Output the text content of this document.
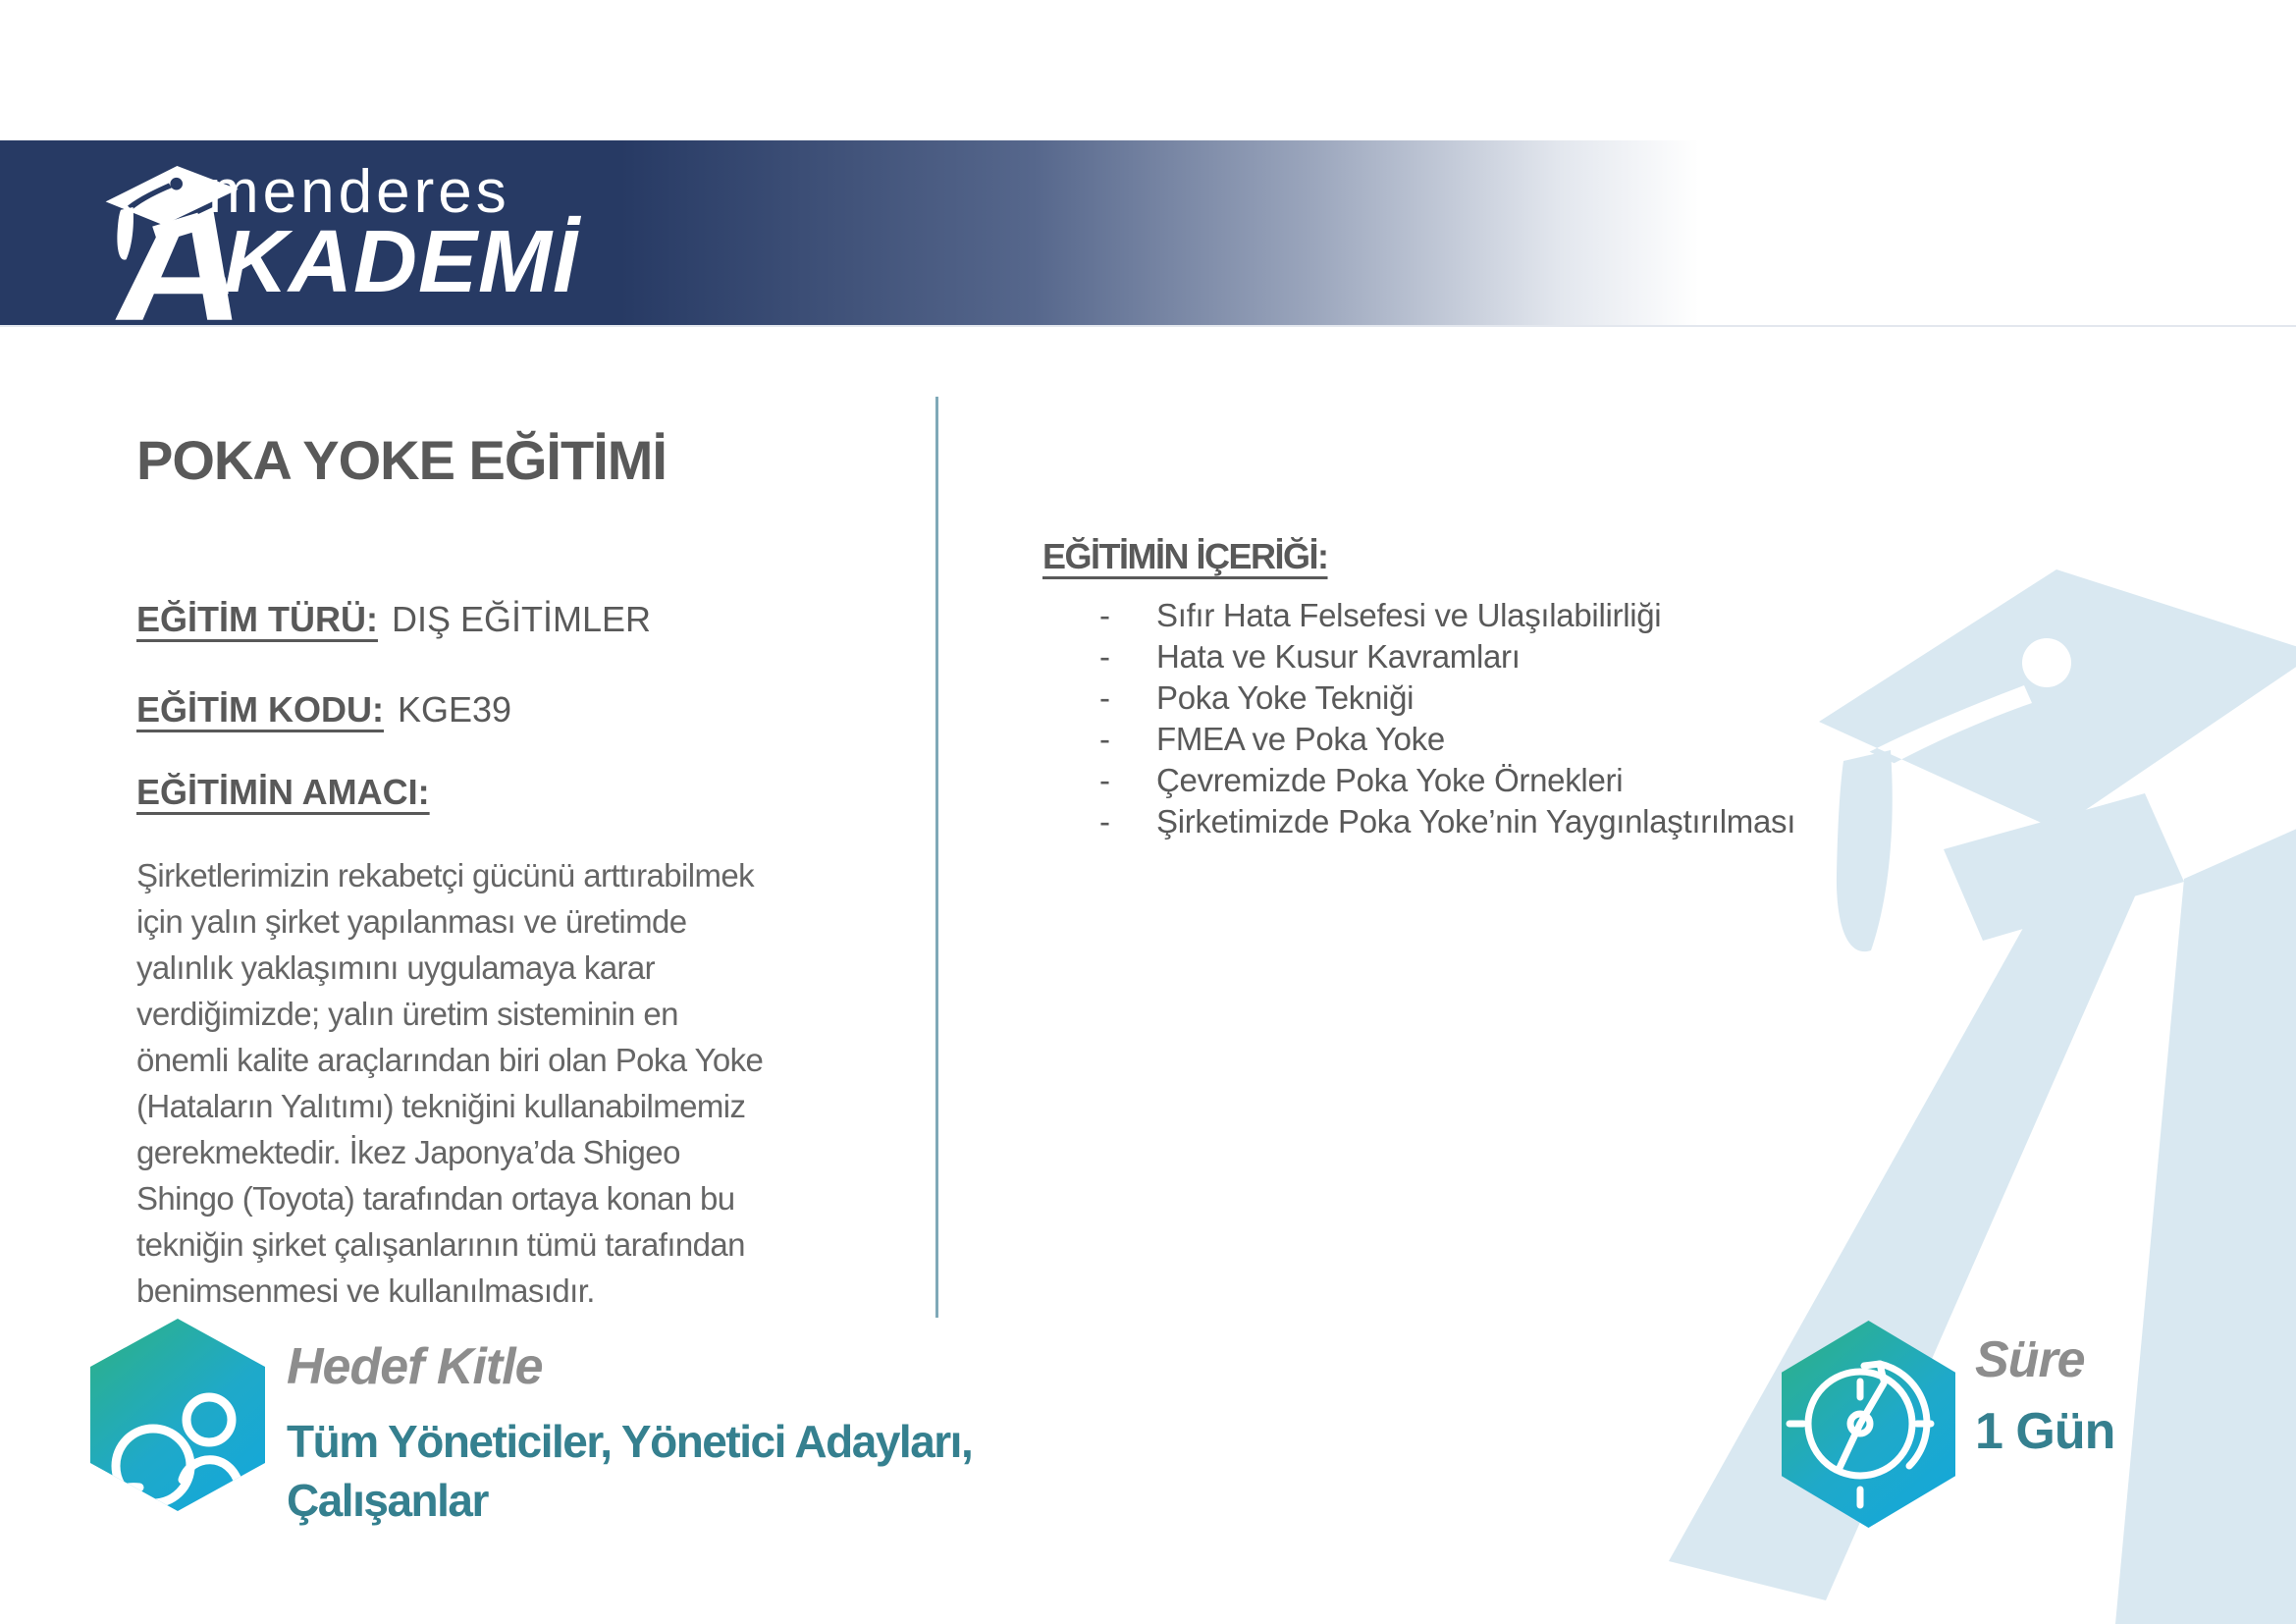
menderes
KADEMİ
POKA YOKE EĞİTİMİ
EĞİTİM TÜRÜ: DIŞ EĞİTİMLER
EĞİTİM KODU: KGE39
EĞİTİMİN AMACI:

Şirketlerimizin rekabetçi gücünü arttırabilmek için yalın şirket yapılanması ve üretimde yalınlık yaklaşımını uygulamaya karar verdiğimizde; yalın üretim sisteminin en önemli kalite araçlarından biri olan Poka Yoke (Hataların Yalıtımı) tekniğini kullanabilmemiz gerekmektedir. İkez Japonya’da Shigeo Shingo (Toyota) tarafından ortaya konan bu tekniğin şirket çalışanlarının tümü tarafından benimsenmesi ve kullanılmasıdır.

EĞİTİMİN İÇERİĞİ:
-	Sıfır Hata Felsefesi ve Ulaşılabilirliği
-	Hata ve Kusur Kavramları
-	Poka Yoke Tekniği
-	FMEA ve Poka Yoke
-	Çevremizde Poka Yoke Örnekleri
-	Şirketimizde Poka Yoke’nin Yaygınlaştırılması
Hedef Kitle
Tüm Yöneticiler, Yönetici Adayları, Çalışanlar
Süre
1 Gün
